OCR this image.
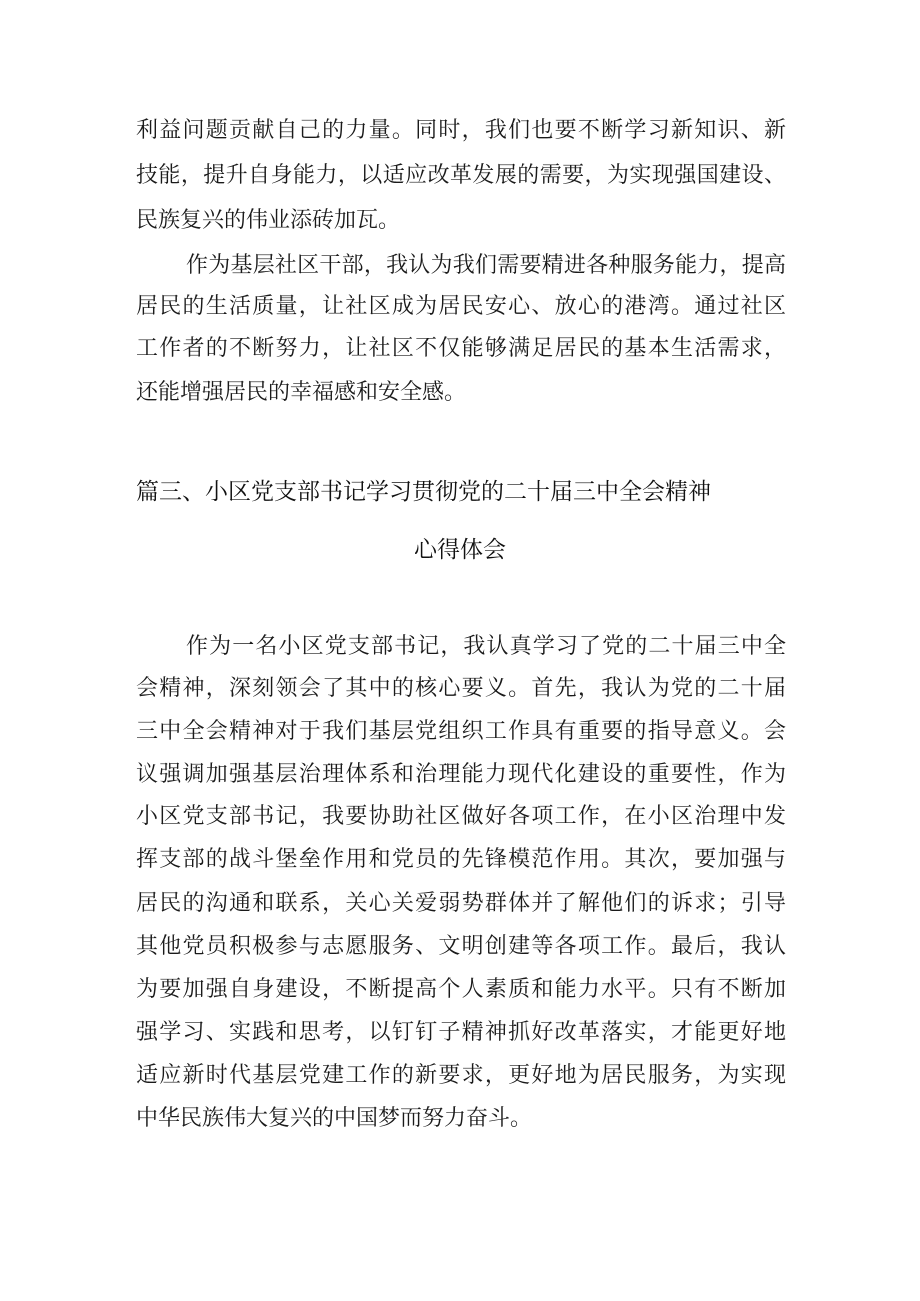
利益问题贡献自己的力量。同时，我们也要不断学习新知识、新
技能，提升自身能力，以适应改革发展的需要，为实现强国建设、
民族复兴的伟业添砖加瓦。
作为基层社区干部，我认为我们需要精进各种服务能力，提高
居民的生活质量，让社区成为居民安心、放心的港湾。通过社区
工作者的不断努力，让社区不仅能够满足居民的基本生活需求，
还能增强居民的幸福感和安全感。
篇三、小区党支部书记学习贯彻党的二十届三中全会精神
心得体会
作为一名小区党支部书记，我认真学习了党的二十届三中全
会精神，深刻领会了其中的核心要义。首先，我认为党的二十届
三中全会精神对于我们基层党组织工作具有重要的指导意义。会
议强调加强基层治理体系和治理能力现代化建设的重要性，作为
小区党支部书记，我要协助社区做好各项工作，在小区治理中发
挥支部的战斗堡垒作用和党员的先锋模范作用。其次，要加强与
居民的沟通和联系，关心关爱弱势群体并了解他们的诉求；引导
其他党员积极参与志愿服务、文明创建等各项工作。最后，我认
为要加强自身建设，不断提高个人素质和能力水平。只有不断加
强学习、实践和思考，以钉钉子精神抓好改革落实，才能更好地
适应新时代基层党建工作的新要求，更好地为居民服务，为实现
中华民族伟大复兴的中国梦而努力奋斗。
